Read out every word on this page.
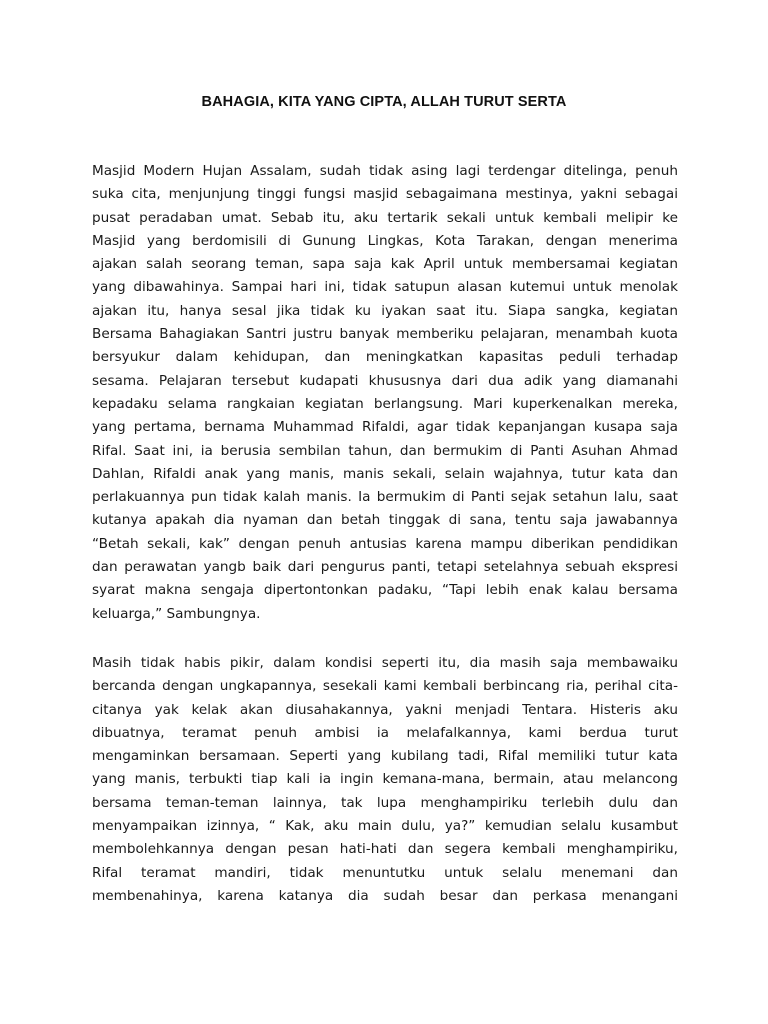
BAHAGIA, KITA YANG CIPTA, ALLAH TURUT SERTA
Masjid Modern Hujan Assalam, sudah tidak asing lagi terdengar ditelinga, penuh
suka cita, menjunjung tinggi fungsi masjid sebagaimana mestinya, yakni sebagai
pusat peradaban umat. Sebab itu, aku tertarik sekali untuk kembali melipir ke
Masjid yang berdomisili di Gunung Lingkas, Kota Tarakan, dengan menerima
ajakan salah seorang teman, sapa saja kak April untuk membersamai kegiatan
yang dibawahinya. Sampai hari ini, tidak satupun alasan kutemui untuk menolak
ajakan itu, hanya sesal jika tidak ku iyakan saat itu. Siapa sangka, kegiatan
Bersama Bahagiakan Santri justru banyak memberiku pelajaran, menambah kuota
bersyukur dalam kehidupan, dan meningkatkan kapasitas peduli terhadap
sesama. Pelajaran tersebut kudapati khususnya dari dua adik yang diamanahi
kepadaku selama rangkaian kegiatan berlangsung. Mari kuperkenalkan mereka,
yang pertama, bernama Muhammad Rifaldi, agar tidak kepanjangan kusapa saja
Rifal. Saat ini, ia berusia sembilan tahun, dan bermukim di Panti Asuhan Ahmad
Dahlan, Rifaldi anak yang manis, manis sekali, selain wajahnya, tutur kata dan
perlakuannya pun tidak kalah manis. Ia bermukim di Panti sejak setahun lalu, saat
kutanya apakah dia nyaman dan betah tinggak di sana, tentu saja jawabannya
“Betah sekali, kak” dengan penuh antusias karena mampu diberikan pendidikan
dan perawatan yangb baik dari pengurus panti, tetapi setelahnya sebuah ekspresi
syarat makna sengaja dipertontonkan padaku, “Tapi lebih enak kalau bersama
keluarga,” Sambungnya.
Masih tidak habis pikir, dalam kondisi seperti itu, dia masih saja membawaiku
bercanda dengan ungkapannya, sesekali kami kembali berbincang ria, perihal cita-
citanya yak kelak akan diusahakannya, yakni menjadi Tentara. Histeris aku
dibuatnya, teramat penuh ambisi ia melafalkannya, kami berdua turut
mengaminkan bersamaan. Seperti yang kubilang tadi, Rifal memiliki tutur kata
yang manis, terbukti tiap kali ia ingin kemana-mana, bermain, atau melancong
bersama teman-teman lainnya, tak lupa menghampiriku terlebih dulu dan
menyampaikan izinnya, “ Kak, aku main dulu, ya?” kemudian selalu kusambut
membolehkannya dengan pesan hati-hati dan segera kembali menghampiriku,
Rifal teramat mandiri, tidak menuntutku untuk selalu menemani dan
membenahinya, karena katanya dia sudah besar dan perkasa menangani
